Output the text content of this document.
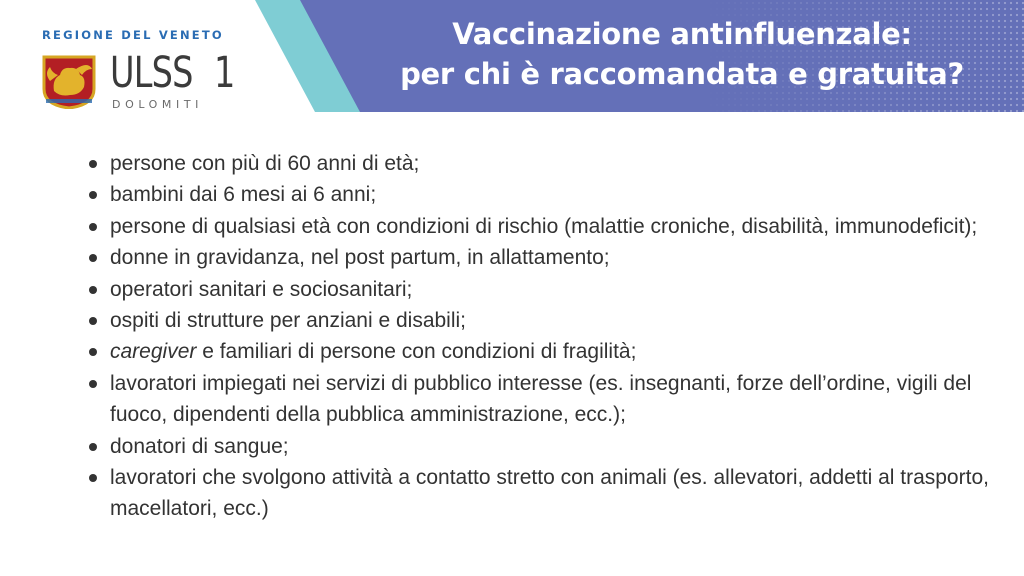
REGIONE DEL VENETO
ULSS 1
DOLOMITI
Vaccinazione antinfluenzale:
per chi è raccomandata e gratuita?
persone con più di 60 anni di età;
bambini dai 6 mesi ai 6 anni;
persone di qualsiasi età con condizioni di rischio (malattie croniche, disabilità, immunodeficit);
donne in gravidanza, nel post partum, in allattamento;
operatori sanitari e sociosanitari;
ospiti di strutture per anziani e disabili;
caregiver e familiari di persone con condizioni di fragilità;
lavoratori impiegati nei servizi di pubblico interesse (es. insegnanti, forze dell’ordine, vigili del fuoco, dipendenti della pubblica amministrazione, ecc.);
donatori di sangue;
lavoratori che svolgono attività a contatto stretto con animali (es. allevatori, addetti al trasporto, macellatori, ecc.)
